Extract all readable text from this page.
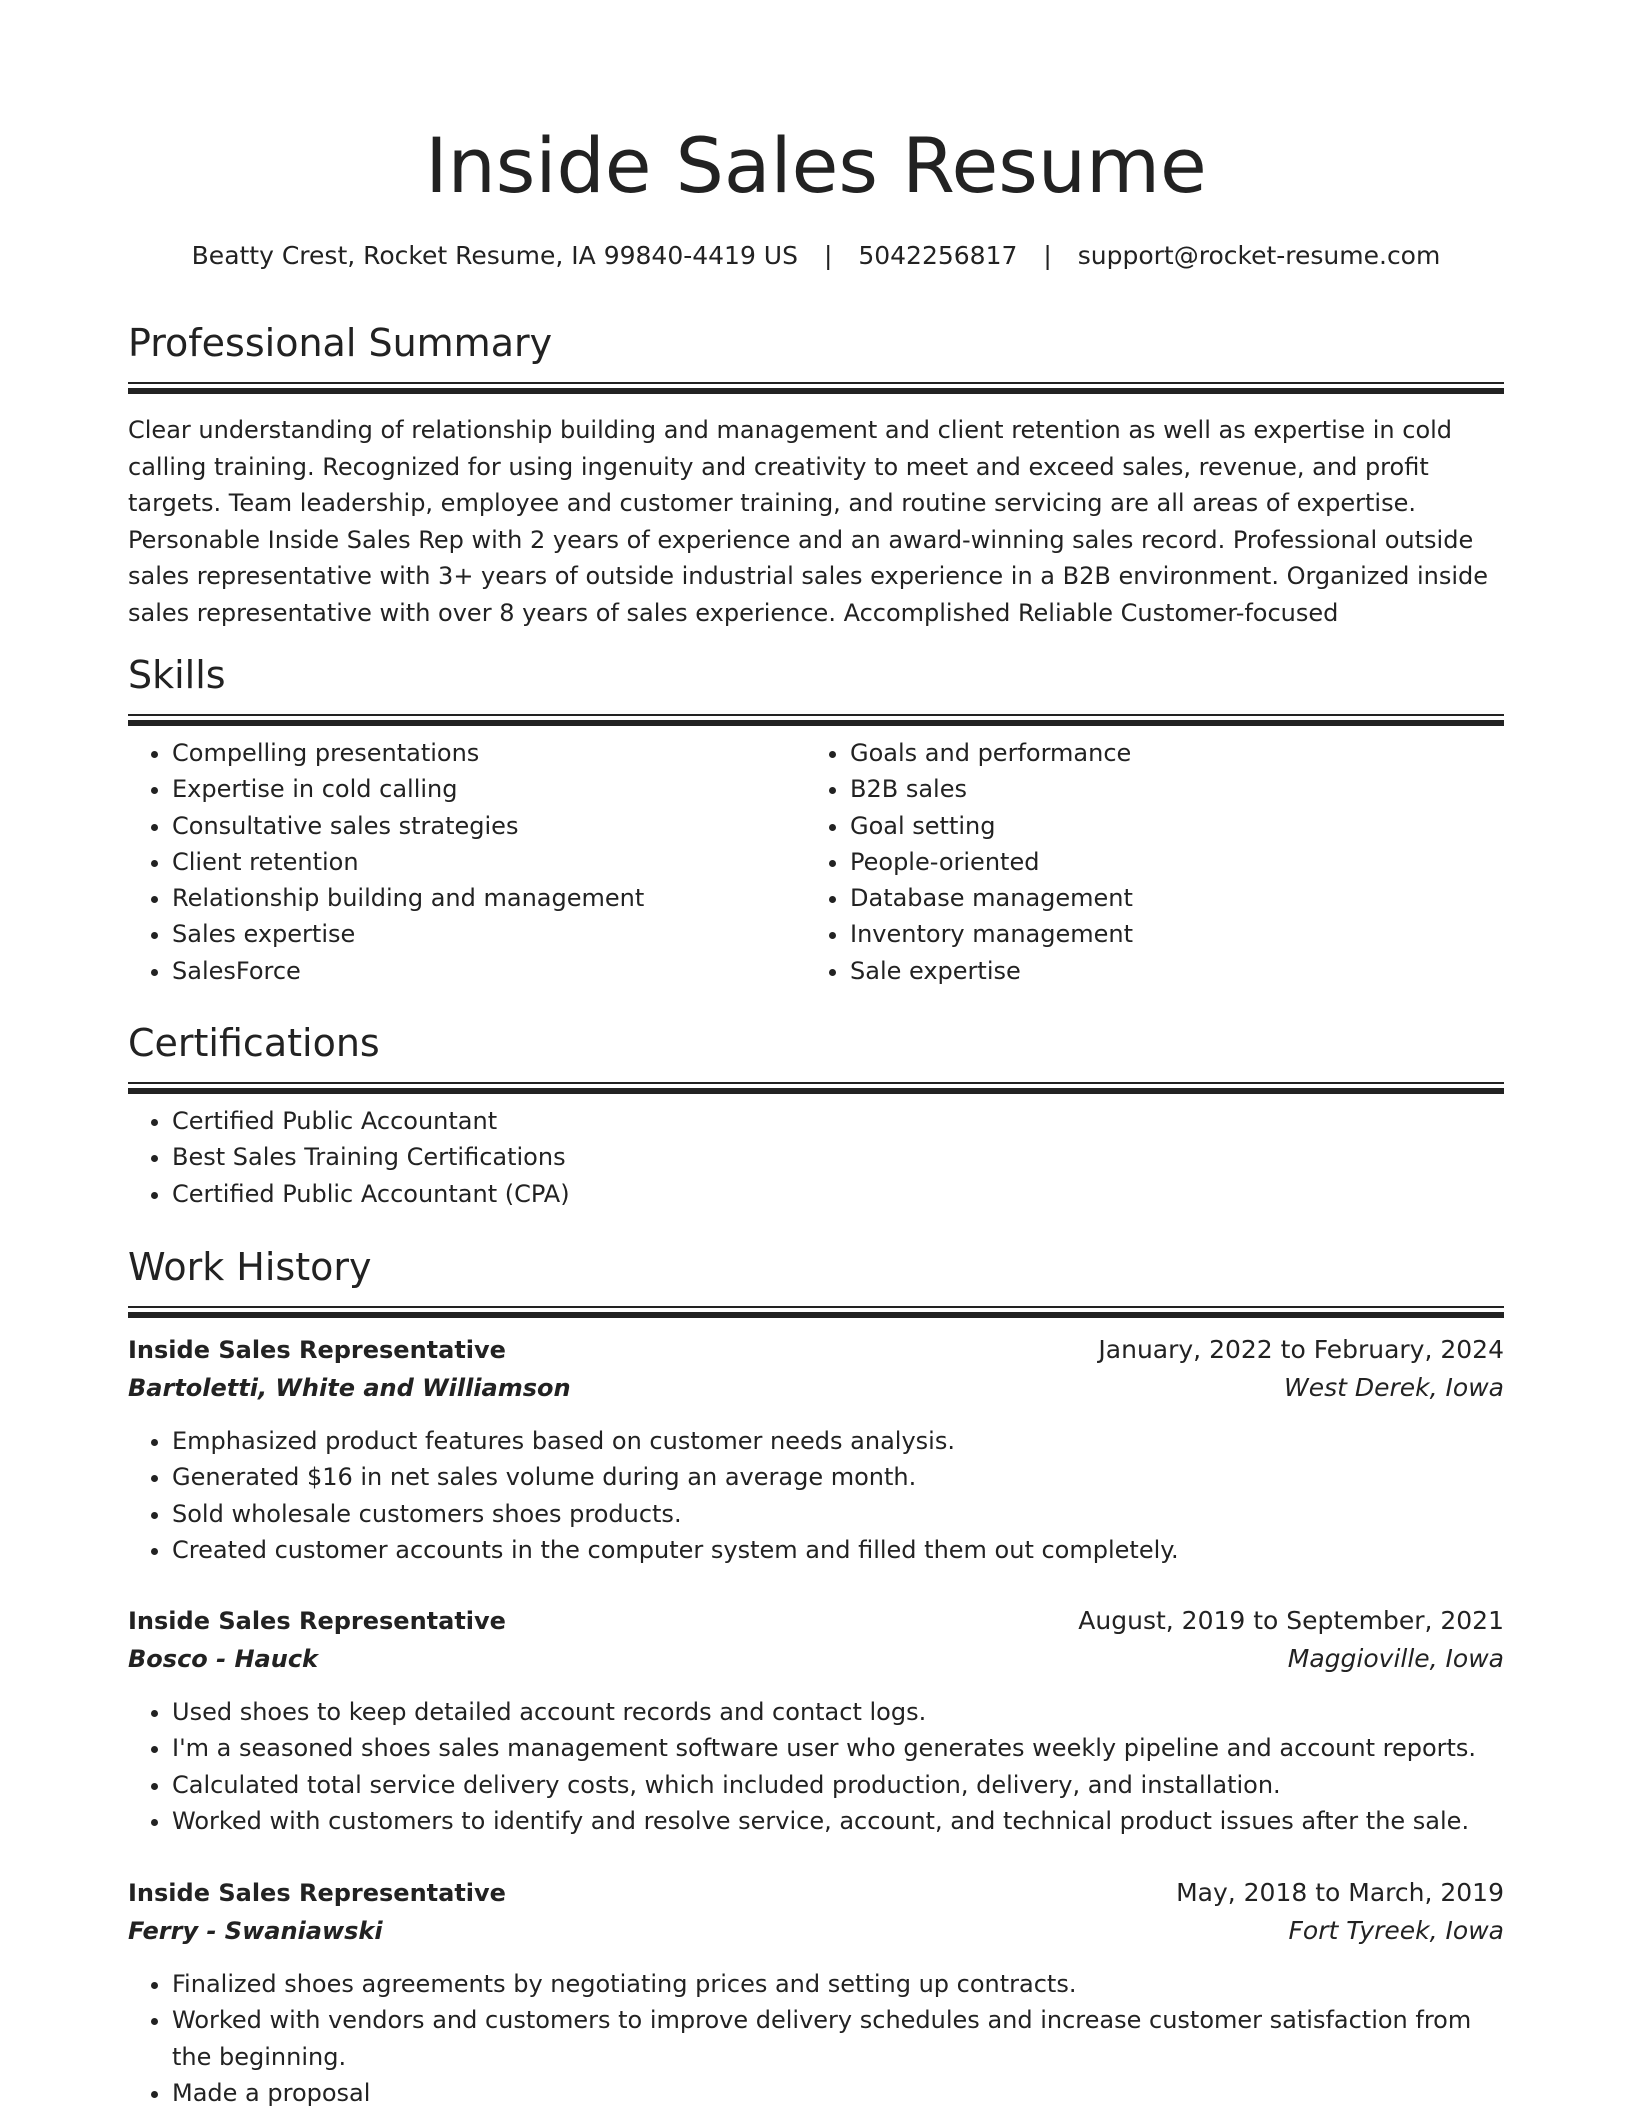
Inside Sales Resume
Beatty Crest, Rocket Resume, IA 99840-4419 US | 5042256817 | support@rocket-resume.com
Professional Summary

Clear understanding of relationship building and management and client retention as well as expertise in cold calling training. Recognized for using ingenuity and creativity to meet and exceed sales, revenue, and profit targets. Team leadership, employee and customer training, and routine servicing are all areas of expertise. Personable Inside Sales Rep with 2 years of experience and an award-winning sales record. Professional outside sales representative with 3+ years of outside industrial sales experience in a B2B environment. Organized inside sales representative with over 8 years of sales experience. Accomplished Reliable Customer-focused

Skills
• Compelling presentations
• Expertise in cold calling
• Consultative sales strategies
• Client retention
• Relationship building and management
• Sales expertise
• SalesForce
• Goals and performance
• B2B sales
• Goal setting
• People-oriented
• Database management
• Inventory management
• Sale expertise
Certifications
• Certified Public Accountant
• Best Sales Training Certifications
• Certified Public Accountant (CPA)
Work History
Inside Sales Representative	January, 2022 to February, 2024
Bartoletti, White and Williamson	West Derek, Iowa
• Emphasized product features based on customer needs analysis.
• Generated $16 in net sales volume during an average month.
• Sold wholesale customers shoes products.
• Created customer accounts in the computer system and filled them out completely.
Inside Sales Representative	August, 2019 to September, 2021
Bosco - Hauck	Maggioville, Iowa
• Used shoes to keep detailed account records and contact logs.
• I'm a seasoned shoes sales management software user who generates weekly pipeline and account reports.
• Calculated total service delivery costs, which included production, delivery, and installation.
• Worked with customers to identify and resolve service, account, and technical product issues after the sale.
Inside Sales Representative	May, 2018 to March, 2019
Ferry - Swaniawski	Fort Tyreek, Iowa
• Finalized shoes agreements by negotiating prices and setting up contracts.
• Worked with vendors and customers to improve delivery schedules and increase customer satisfaction from the beginning.
• Made a proposal
